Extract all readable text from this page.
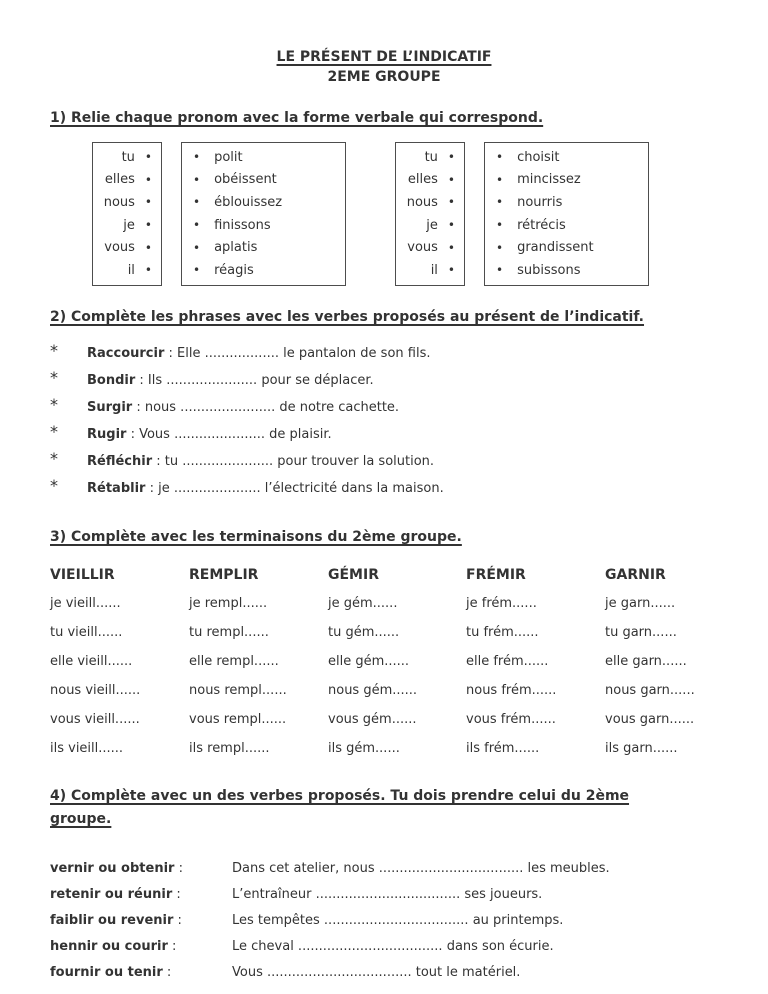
LE PRÉSENT DE L’INDICATIF
2EME GROUPE
1) Relie chaque pronom avec la forme verbale qui correspond.
tu •
elles •
nous •
je •
vous •
il •
• polit
• obéissent
• éblouissez
• finissons
• aplatis
• réagis
tu •
elles •
nous •
je •
vous •
il •
• choisit
• mincissez
• nourris
• rétrécis
• grandissent
• subissons
2) Complète les phrases avec les verbes proposés au présent de l’indicatif.
*	Raccourcir : Elle .................. le pantalon de son fils.
*	Bondir : Ils ...................... pour se déplacer.
*	Surgir : nous ....................... de notre cachette.
*	Rugir : Vous ...................... de plaisir.
*	Réfléchir : tu ...................... pour trouver la solution.
*	Rétablir : je ..................... l’électricité dans la maison.
3) Complète avec les terminaisons du 2ème groupe.
VIEILLIR	REMPLIR	GÉMIR	FRÉMIR	GARNIR
je vieill......	je rempl......	je gém......	je frém......	je garn......
tu vieill......	tu rempl......	tu gém......	tu frém......	tu garn......
elle vieill......	elle rempl......	elle gém......	elle frém......	elle garn......
nous vieill......	nous rempl......	nous gém......	nous frém......	nous garn......
vous vieill......	vous rempl......	vous gém......	vous frém......	vous garn......
ils vieill......	ils rempl......	ils gém......	ils frém......	ils garn......
4) Complète avec un des verbes proposés. Tu dois prendre celui du 2ème
groupe.
vernir ou obtenir :	Dans cet atelier, nous ................................... les meubles.
retenir ou réunir :	L’entraîneur ................................... ses joueurs.
faiblir ou revenir :	Les tempêtes ................................... au printemps.
hennir ou courir :	Le cheval ................................... dans son écurie.
fournir ou tenir :	Vous ................................... tout le matériel.
